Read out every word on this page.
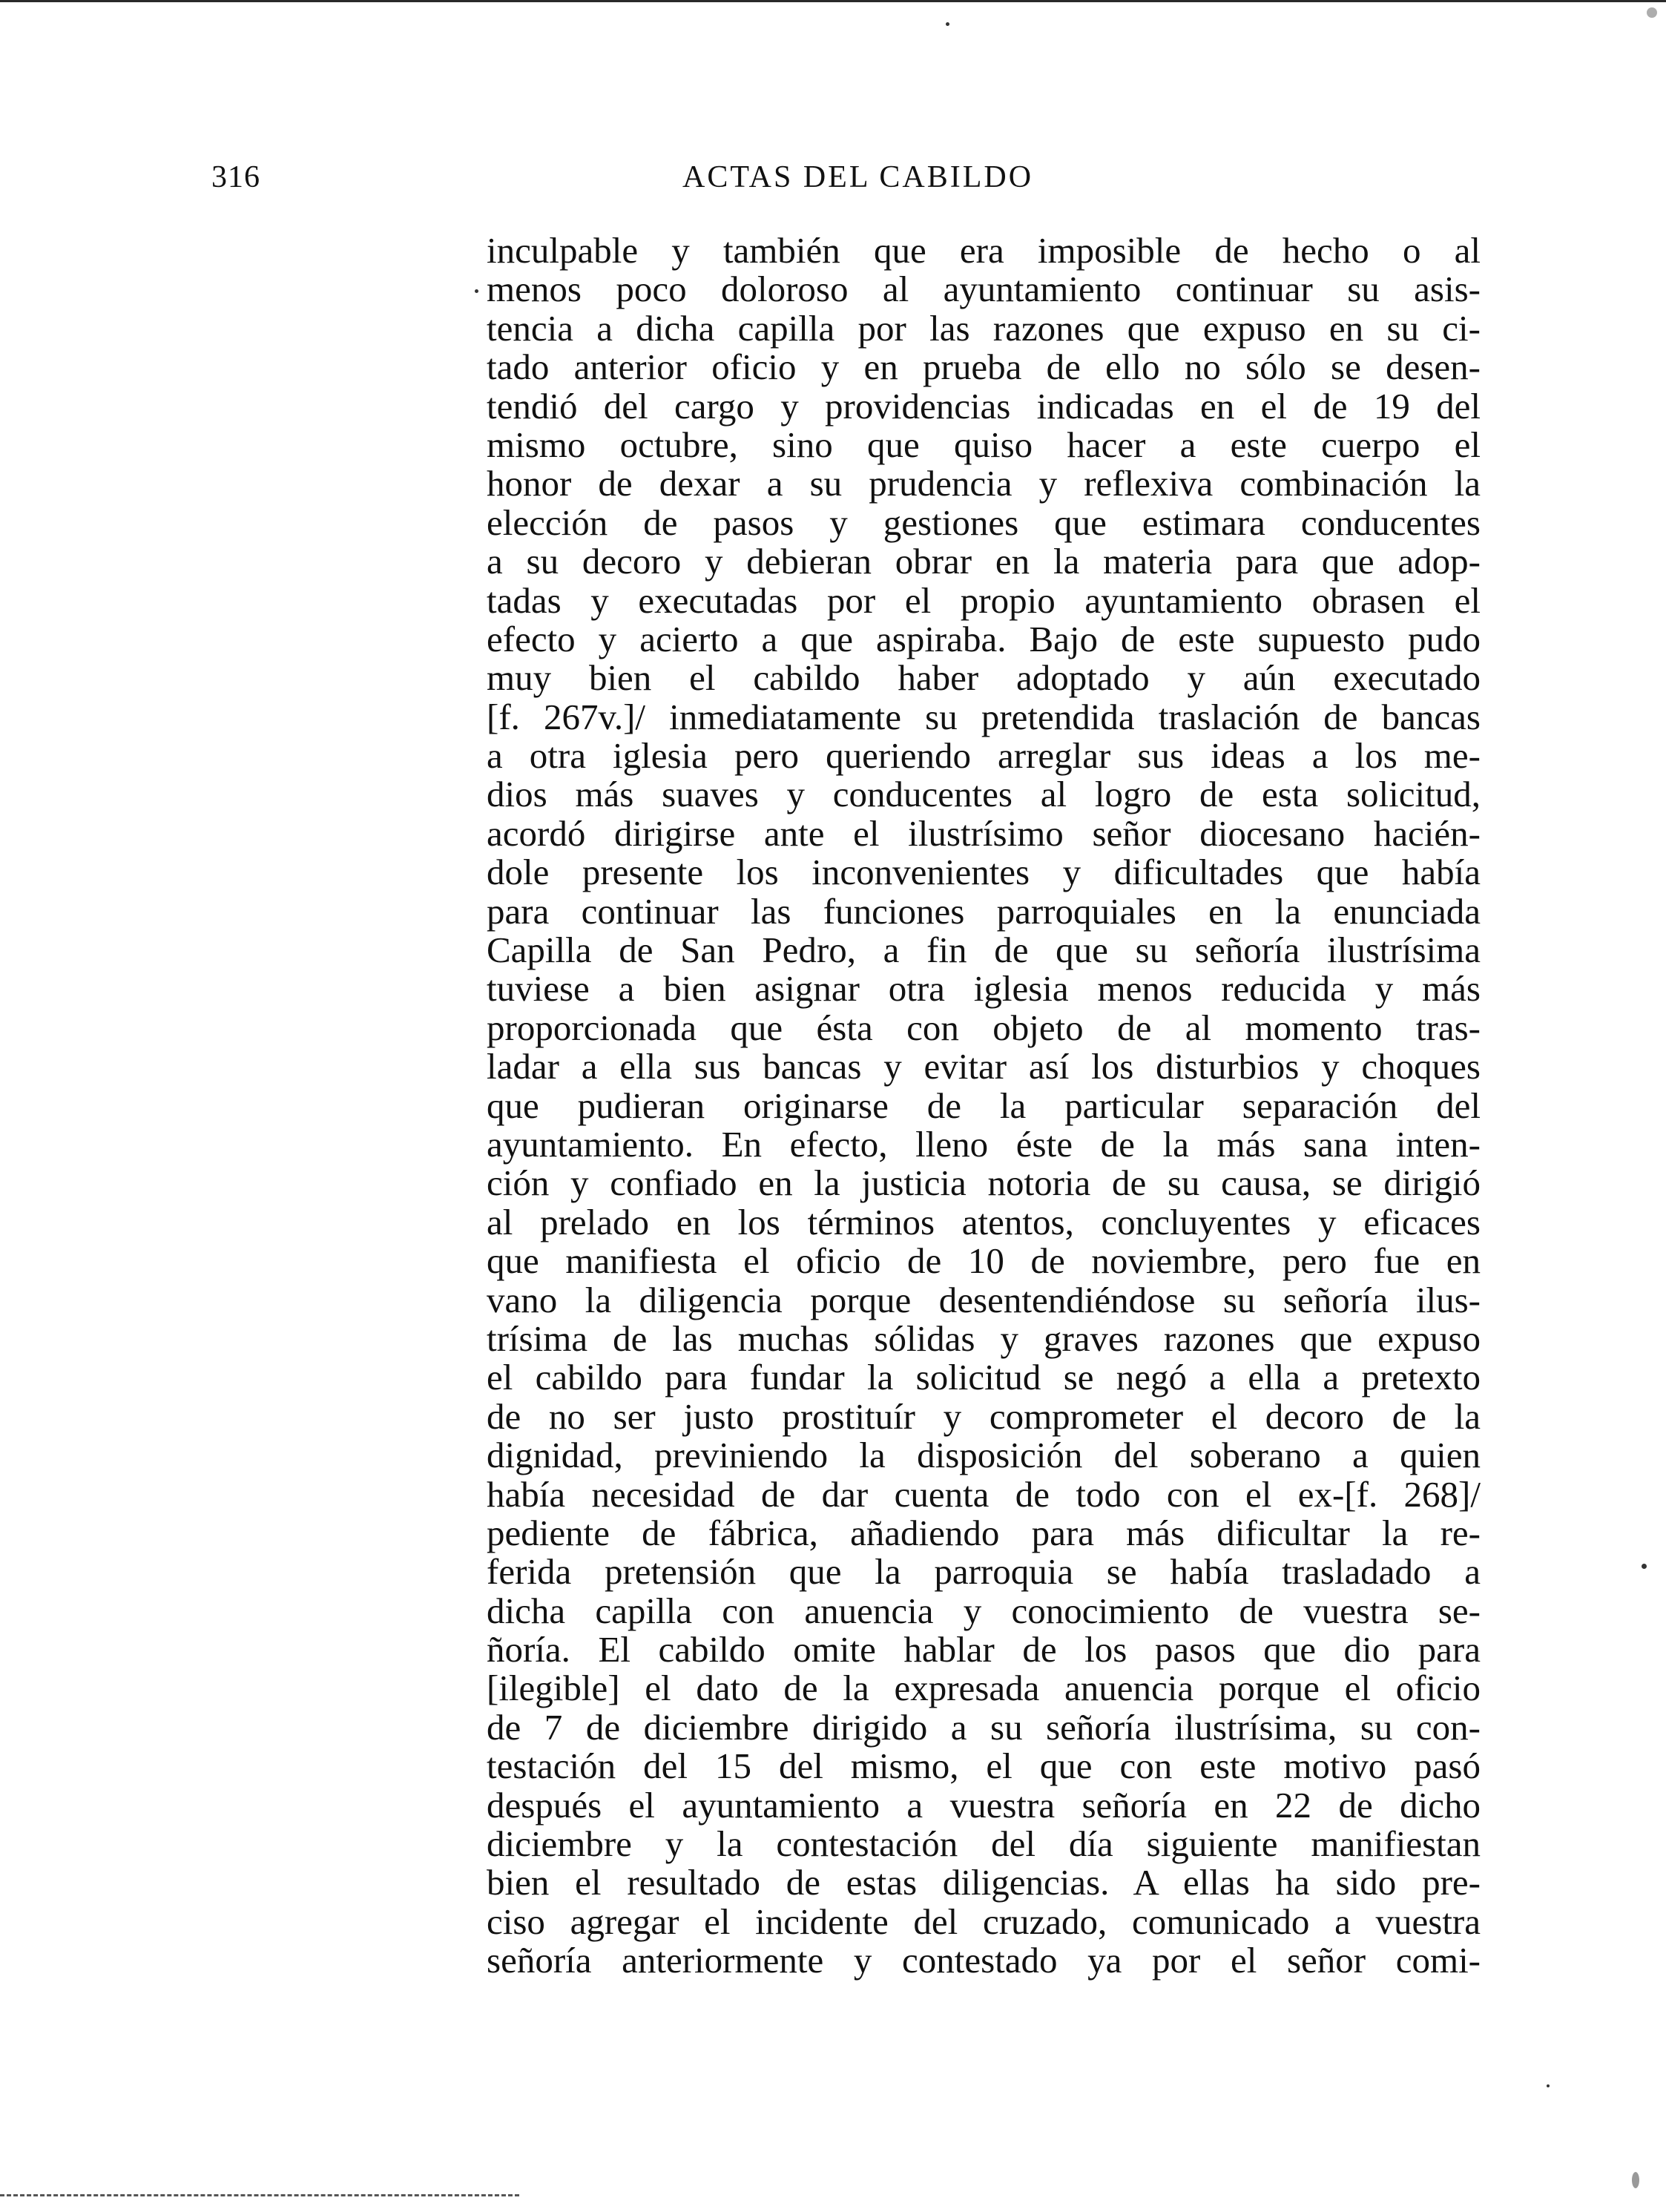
316	ACTAS DEL CABILDO
inculpable y también que era imposible de hecho o al
menos poco doloroso al ayuntamiento continuar su asis-
tencia a dicha capilla por las razones que expuso en su ci-
tado anterior oficio y en prueba de ello no sólo se desen-
tendió del cargo y providencias indicadas en el de 19 del
mismo octubre, sino que quiso hacer a este cuerpo el
honor de dexar a su prudencia y reflexiva combinación la
elección de pasos y gestiones que estimara conducentes
a su decoro y debieran obrar en la materia para que adop-
tadas y executadas por el propio ayuntamiento obrasen el
efecto y acierto a que aspiraba. Bajo de este supuesto pudo
muy bien el cabildo haber adoptado y aún executado
[f. 267v.]/ inmediatamente su pretendida traslación de bancas
a otra iglesia pero queriendo arreglar sus ideas a los me-
dios más suaves y conducentes al logro de esta solicitud,
acordó dirigirse ante el ilustrísimo señor diocesano hacién-
dole presente los inconvenientes y dificultades que había
para continuar las funciones parroquiales en la enunciada
Capilla de San Pedro, a fin de que su señoría ilustrísima
tuviese a bien asignar otra iglesia menos reducida y más
proporcionada que ésta con objeto de al momento tras-
ladar a ella sus bancas y evitar así los disturbios y choques
que pudieran originarse de la particular separación del
ayuntamiento. En efecto, lleno éste de la más sana inten-
ción y confiado en la justicia notoria de su causa, se dirigió
al prelado en los términos atentos, concluyentes y eficaces
que manifiesta el oficio de 10 de noviembre, pero fue en
vano la diligencia porque desentendiéndose su señoría ilus-
trísima de las muchas sólidas y graves razones que expuso
el cabildo para fundar la solicitud se negó a ella a pretexto
de no ser justo prostituír y comprometer el decoro de la
dignidad, previniendo la disposición del soberano a quien
había necesidad de dar cuenta de todo con el ex-[f. 268]/
pediente de fábrica, añadiendo para más dificultar la re-
ferida pretensión que la parroquia se había trasladado a
dicha capilla con anuencia y conocimiento de vuestra se-
ñoría. El cabildo omite hablar de los pasos que dio para
[ilegible] el dato de la expresada anuencia porque el oficio
de 7 de diciembre dirigido a su señoría ilustrísima, su con-
testación del 15 del mismo, el que con este motivo pasó
después el ayuntamiento a vuestra señoría en 22 de dicho
diciembre y la contestación del día siguiente manifiestan
bien el resultado de estas diligencias. A ellas ha sido pre-
ciso agregar el incidente del cruzado, comunicado a vuestra
señoría anteriormente y contestado ya por el señor comi-
